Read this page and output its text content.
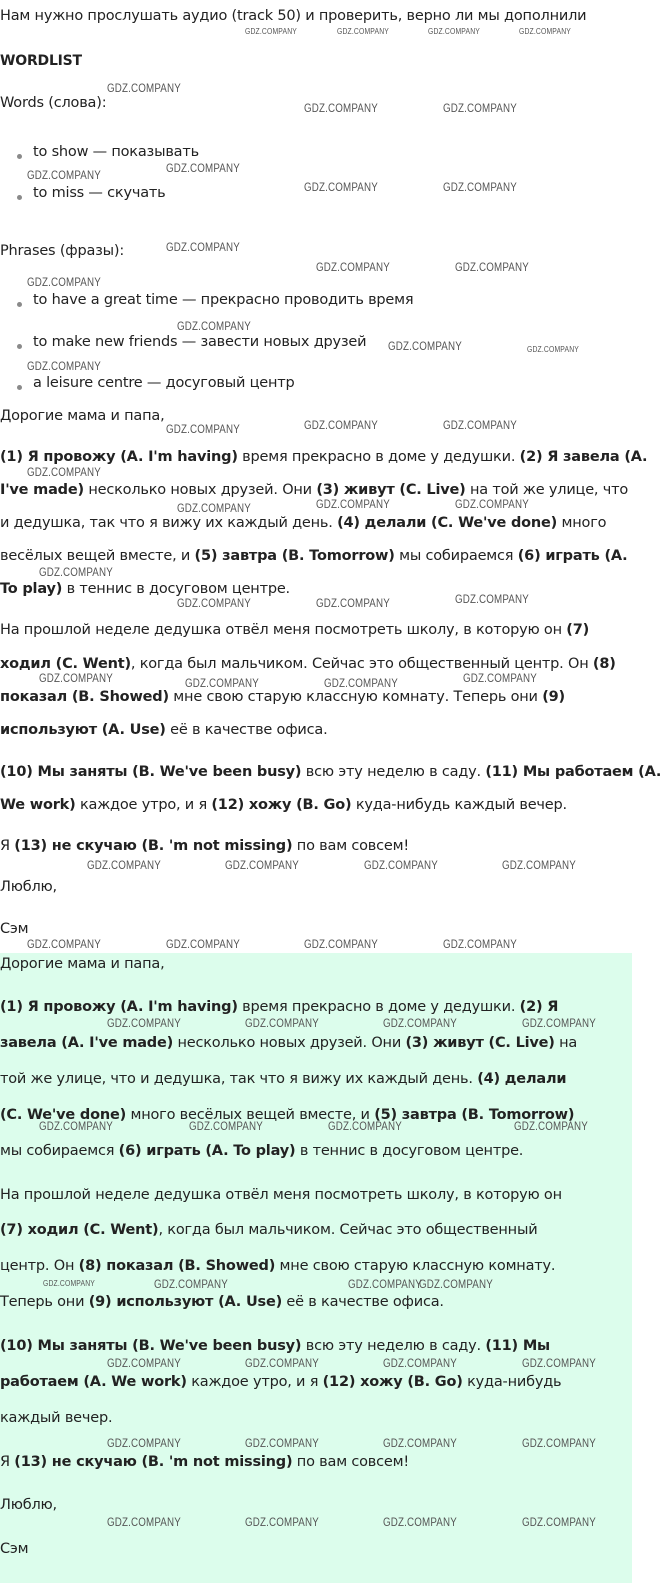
Нам нужно прослушать аудио (track 50) и проверить, верно ли мы дополнили
WORDLIST
Words (слова):
to show — показывать
to miss — скучать
Phrases (фразы):
to have a great time — прекрасно проводить время
to make new friends — завести новых друзей
a leisure centre — досуговый центр
Дорогие мама и папа,
(1) Я провожу (A. I'm having) время прекрасно в доме у дедушки. (2) Я завела (A.
I've made) несколько новых друзей. Они (3) живут (C. Live) на той же улице, что
и дедушка, так что я вижу их каждый день. (4) делали (C. We've done) много
весёлых вещей вместе, и (5) завтра (B. Tomorrow) мы собираемся (6) играть (A.
To play) в теннис в досуговом центре.
На прошлой неделе дедушка отвёл меня посмотреть школу, в которую он (7)
ходил (C. Went), когда был мальчиком. Сейчас это общественный центр. Он (8)
показал (B. Showed) мне свою старую классную комнату. Теперь они (9)
используют (A. Use) её в качестве офиса.
(10) Мы заняты (B. We've been busy) всю эту неделю в саду. (11) Мы работаем (A.
We work) каждое утро, и я (12) хожу (B. Go) куда-нибудь каждый вечер.
Я (13) не скучаю (B. 'm not missing) по вам совсем!
Люблю,
Сэм
Дорогие мама и папа,
(1) Я провожу (A. I'm having) время прекрасно в доме у дедушки. (2) Я
завела (A. I've made) несколько новых друзей. Они (3) живут (C. Live) на
той же улице, что и дедушка, так что я вижу их каждый день. (4) делали
(C. We've done) много весёлых вещей вместе, и (5) завтра (B. Tomorrow)
мы собираемся (6) играть (A. To play) в теннис в досуговом центре.
На прошлой неделе дедушка отвёл меня посмотреть школу, в которую он
(7) ходил (C. Went), когда был мальчиком. Сейчас это общественный
центр. Он (8) показал (B. Showed) мне свою старую классную комнату.
Теперь они (9) используют (A. Use) её в качестве офиса.
(10) Мы заняты (B. We've been busy) всю эту неделю в саду. (11) Мы
работаем (A. We work) каждое утро, и я (12) хожу (B. Go) куда-нибудь
каждый вечер.
Я (13) не скучаю (B. 'm not missing) по вам совсем!
Люблю,
Сэм
GDZ.COMPANY	GDZ.COMPANY	GDZ.COMPANY	GDZ.COMPANY
GDZ.COMPANY
GDZ.COMPANY	GDZ.COMPANY
GDZ.COMPANY
GDZ.COMPANY
GDZ.COMPANY	GDZ.COMPANY
GDZ.COMPANY
GDZ.COMPANY	GDZ.COMPANY
GDZ.COMPANY
GDZ.COMPANY
GDZ.COMPANY	GDZ.COMPANY
GDZ.COMPANY
GDZ.COMPANY	GDZ.COMPANY	GDZ.COMPANY
GDZ.COMPANY
GDZ.COMPANY	GDZ.COMPANY	GDZ.COMPANY
GDZ.COMPANY
GDZ.COMPANY	GDZ.COMPANY	GDZ.COMPANY
GDZ.COMPANY	GDZ.COMPANY	GDZ.COMPANY	GDZ.COMPANY
GDZ.COMPANY	GDZ.COMPANY	GDZ.COMPANY	GDZ.COMPANY
GDZ.COMPANY	GDZ.COMPANY	GDZ.COMPANY	GDZ.COMPANY
GDZ.COMPANY	GDZ.COMPANY	GDZ.COMPANY	GDZ.COMPANY
GDZ.COMPANY	GDZ.COMPANY	GDZ.COMPANY	GDZ.COMPANY
GDZ.COMPANY	GDZ.COMPANY	GDZ.COMPANY
GDZ.COMPANY
GDZ.COMPANY	GDZ.COMPANY	GDZ.COMPANY	GDZ.COMPANY
GDZ.COMPANY	GDZ.COMPANY	GDZ.COMPANY	GDZ.COMPANY
GDZ.COMPANY	GDZ.COMPANY	GDZ.COMPANY	GDZ.COMPANY
